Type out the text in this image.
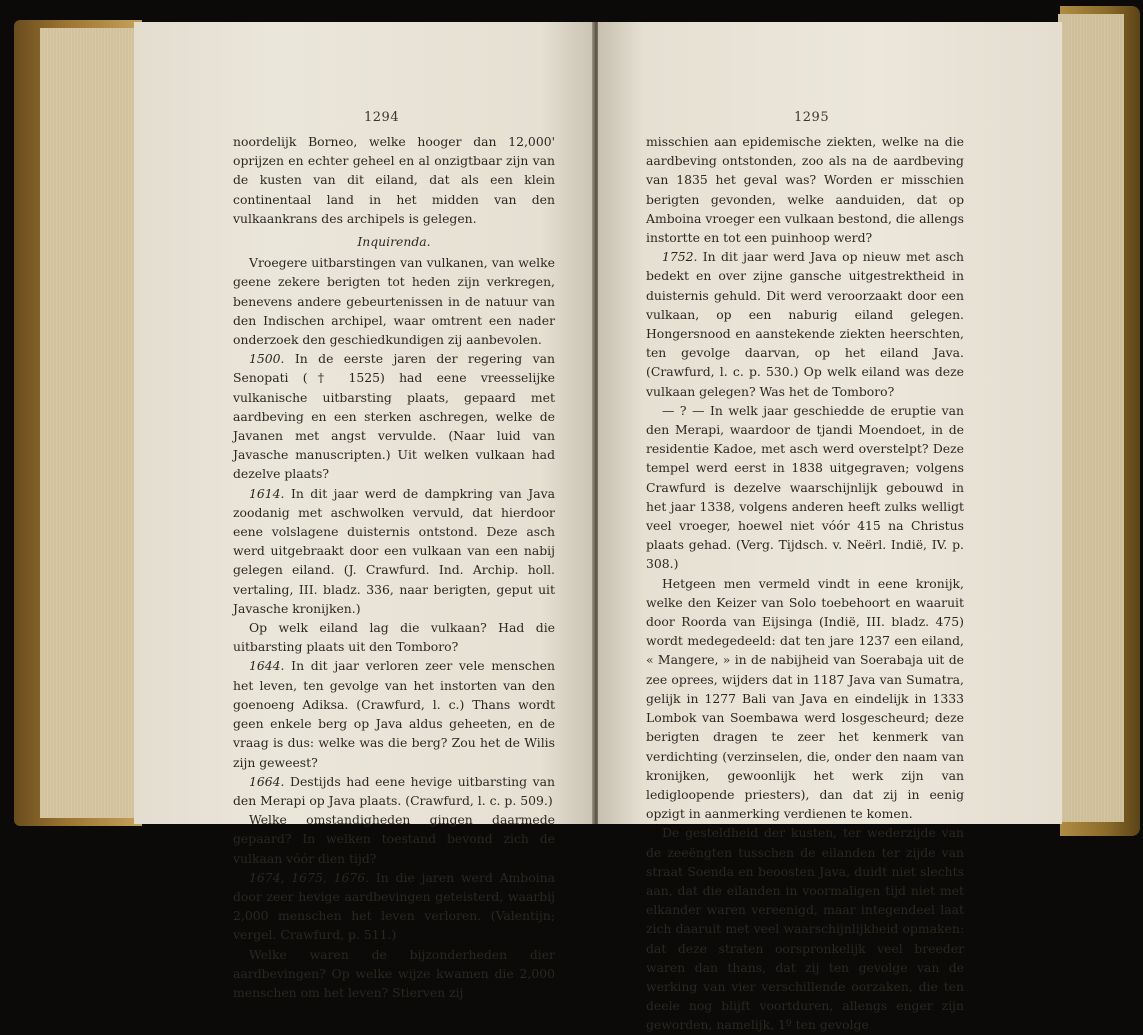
1294

noordelijk Borneo, welke hooger dan 12,000' oprijzen en echter geheel en al onzigtbaar zijn van de kusten van dit eiland, dat als een klein continentaal land in het midden van den vulkaankrans des archipels is gelegen.

Inquirenda.

Vroegere uitbarstingen van vulkanen, van welke geene zekere berigten tot heden zijn verkregen, benevens andere gebeurtenissen in de natuur van den Indischen archipel, waar omtrent een nader onderzoek den geschiedkundigen zij aanbevolen.

1500. In de eerste jaren der regering van Senopati († 1525) had eene vreesselijke vulkanische uitbarsting plaats, gepaard met aardbeving en een sterken aschregen, welke de Javanen met angst vervulde. (Naar luid van Javasche manuscripten.) Uit welken vulkaan had dezelve plaats?

1614. In dit jaar werd de dampkring van Java zoodanig met aschwolken vervuld, dat hierdoor eene volslagene duisternis ontstond. Deze asch werd uitgebraakt door een vulkaan van een nabij gelegen eiland. (J. Crawfurd. Ind. Archip. holl. vertaling, III. bladz. 336, naar berigten, geput uit Javasche kronijken.)

Op welk eiland lag die vulkaan? Had die uitbarsting plaats uit den Tomboro?

1644. In dit jaar verloren zeer vele menschen het leven, ten gevolge van het instorten van den goenoeng Adiksa. (Crawfurd, l. c.) Thans wordt geen enkele berg op Java aldus geheeten, en de vraag is dus: welke was die berg? Zou het de Wilis zijn geweest?

1664. Destijds had eene hevige uitbarsting van den Merapi op Java plaats. (Crawfurd, l. c. p. 509.)

Welke omstandigheden gingen daarmede gepaard? In welken toestand bevond zich de vulkaan vóór dien tijd?

1674, 1675, 1676. In die jaren werd Amboina door zeer hevige aardbevingen geteisterd, waarbij 2,000 menschen het leven verloren. (Valentijn; vergel. Crawfurd, p. 511.)

Welke waren de bijzonderheden dier aardbevingen? Op welke wijze kwamen die 2,000 menschen om het leven? Stierven zij

1295

misschien aan epidemische ziekten, welke na die aardbeving ontstonden, zoo als na de aardbeving van 1835 het geval was? Worden er misschien berigten gevonden, welke aanduiden, dat op Amboina vroeger een vulkaan bestond, die allengs instortte en tot een puinhoop werd?

1752. In dit jaar werd Java op nieuw met asch bedekt en over zijne gansche uitgestrektheid in duisternis gehuld. Dit werd veroorzaakt door een vulkaan, op een naburig eiland gelegen. Hongersnood en aanstekende ziekten heerschten, ten gevolge daarvan, op het eiland Java. (Crawfurd, l. c. p. 530.) Op welk eiland was deze vulkaan gelegen? Was het de Tomboro?

— ? — In welk jaar geschiedde de eruptie van den Merapi, waardoor de tjandi Moendoet, in de residentie Kadoe, met asch werd overstelpt? Deze tempel werd eerst in 1838 uitgegraven; volgens Crawfurd is dezelve waarschijnlijk gebouwd in het jaar 1338, volgens anderen heeft zulks welligt veel vroeger, hoewel niet vóór 415 na Christus plaats gehad. (Verg. Tijdsch. v. Neërl. Indië, IV. p. 308.)

Hetgeen men vermeld vindt in eene kronijk, welke den Keizer van Solo toebehoort en waaruit door Roorda van Eijsinga (Indië, III. bladz. 475) wordt medegedeeld: dat ten jare 1237 een eiland, « Mangere, » in de nabijheid van Soerabaja uit de zee oprees, wijders dat in 1187 Java van Sumatra, gelijk in 1277 Bali van Java en eindelijk in 1333 Lombok van Soembawa werd losgescheurd; deze berigten dragen te zeer het kenmerk van verdichting (verzinselen, die, onder den naam van kronijken, gewoonlijk het werk zijn van ledigloopende priesters), dan dat zij in eenig opzigt in aanmerking verdienen te komen.

De gesteldheid der kusten, ter wederzijde van de zeeëngten tusschen de eilanden ter zijde van straat Soenda en beoosten Java, duidt niet slechts aan, dat die eilanden in voormaligen tijd niet met elkander waren vereenigd, maar integendeel laat zich daaruit met veel waarschijnlijkheid opmaken: dat deze straten oorspronkelijk veel breeder waren dan thans, dat zij ten gevolge van de werking van vier verschillende oorzaken, die ten deele nog blijft voortduren, allengs enger zijn geworden, namelijk, 1º ten gevolge
